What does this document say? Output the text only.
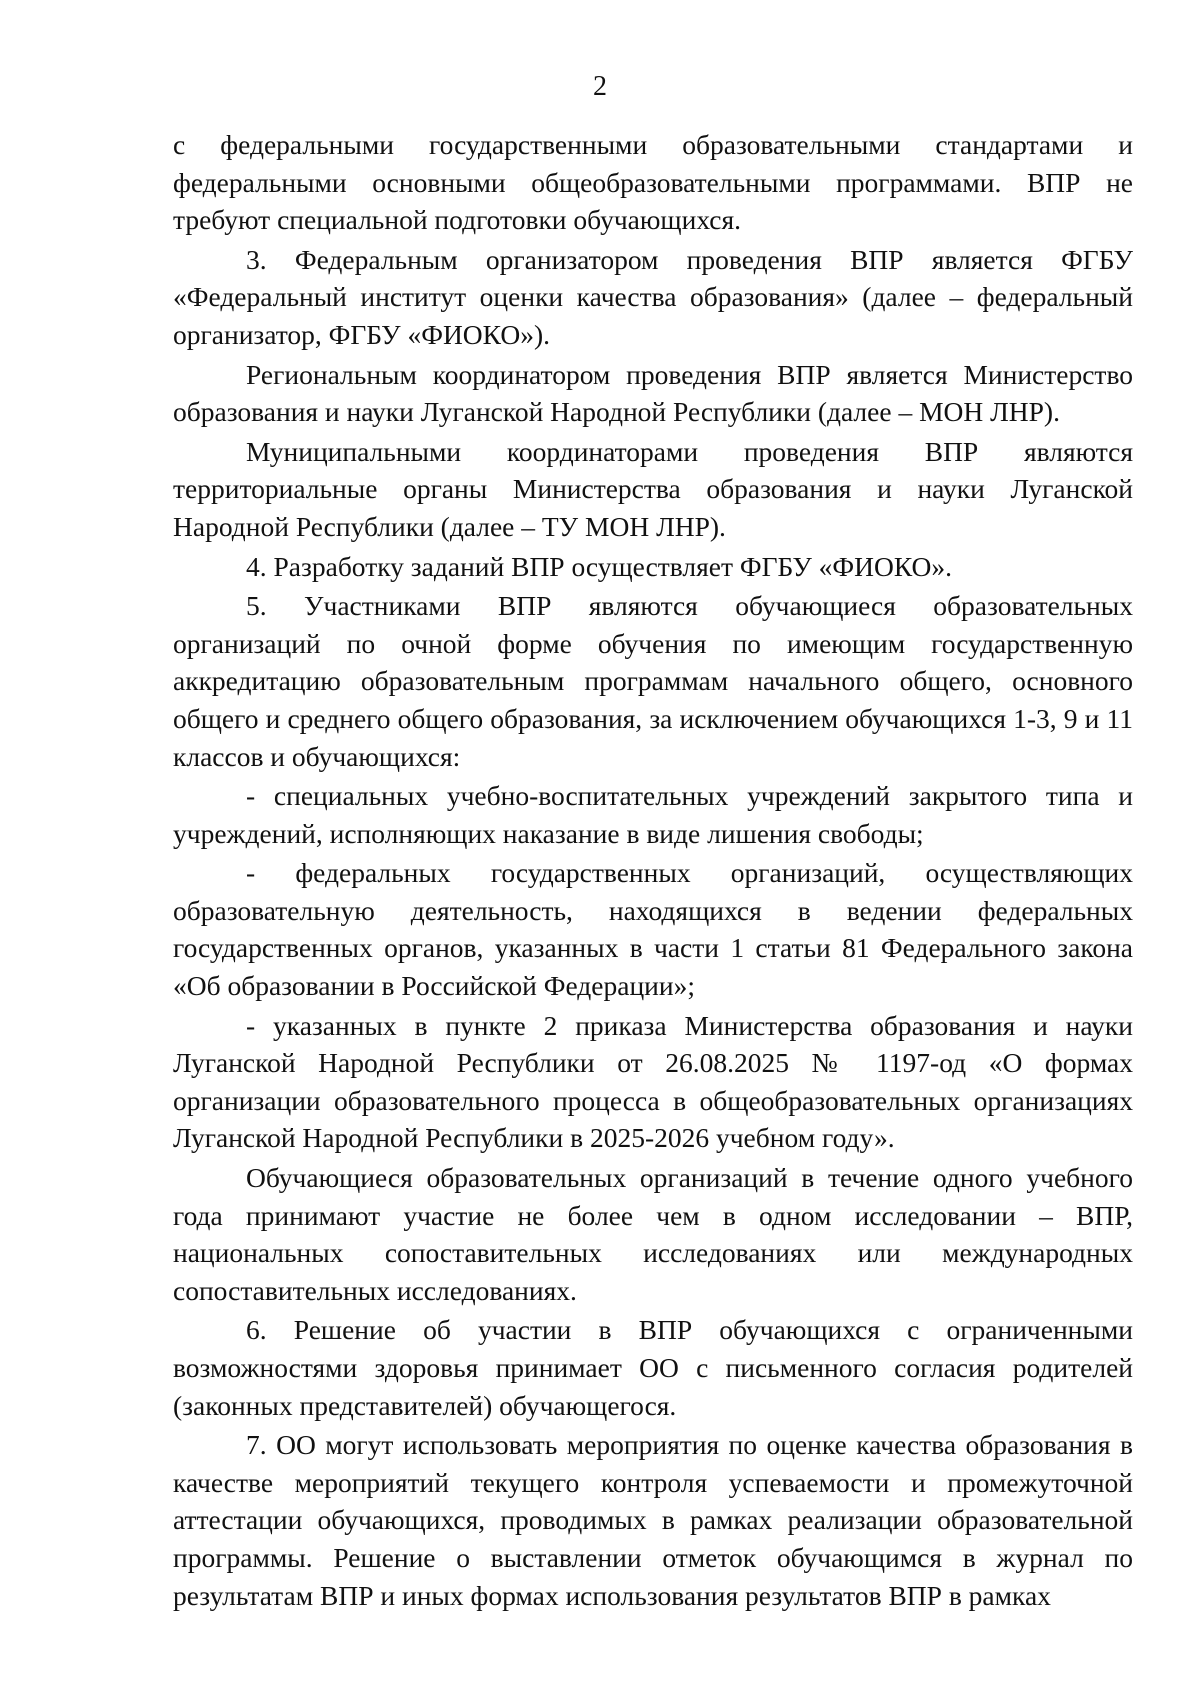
2

с федеральными государственными образовательными стандартами и федеральными основными общеобразовательными программами. ВПР не требуют специальной подготовки обучающихся.

3. Федеральным организатором проведения ВПР является ФГБУ «Федеральный институт оценки качества образования» (далее – федеральный организатор, ФГБУ «ФИОКО»).

Региональным координатором проведения ВПР является Министерство образования и науки Луганской Народной Республики (далее – МОН ЛНР).

Муниципальными координаторами проведения ВПР являются территориальные органы Министерства образования и науки Луганской Народной Республики (далее – ТУ МОН ЛНР).

4. Разработку заданий ВПР осуществляет ФГБУ «ФИОКО».

5. Участниками ВПР являются обучающиеся образовательных организаций по очной форме обучения по имеющим государственную аккредитацию образовательным программам начального общего, основного общего и среднего общего образования, за исключением обучающихся 1-3, 9 и 11 классов и обучающихся:

- специальных учебно-воспитательных учреждений закрытого типа и учреждений, исполняющих наказание в виде лишения свободы;

- федеральных государственных организаций, осуществляющих образовательную деятельность, находящихся в ведении федеральных государственных органов, указанных в части 1 статьи 81 Федерального закона «Об образовании в Российской Федерации»;

- указанных в пункте 2 приказа Министерства образования и науки Луганской Народной Республики от 26.08.2025 № 1197-од «О формах организации образовательного процесса в общеобразовательных организациях Луганской Народной Республики в 2025-2026 учебном году».

Обучающиеся образовательных организаций в течение одного учебного года принимают участие не более чем в одном исследовании – ВПР, национальных сопоставительных исследованиях или международных сопоставительных исследованиях.

6. Решение об участии в ВПР обучающихся с ограниченными возможностями здоровья принимает ОО с письменного согласия родителей (законных представителей) обучающегося.

7. ОО могут использовать мероприятия по оценке качества образования в качестве мероприятий текущего контроля успеваемости и промежуточной аттестации обучающихся, проводимых в рамках реализации образовательной программы. Решение о выставлении отметок обучающимся в журнал по результатам ВПР и иных формах использования результатов ВПР в рамках
